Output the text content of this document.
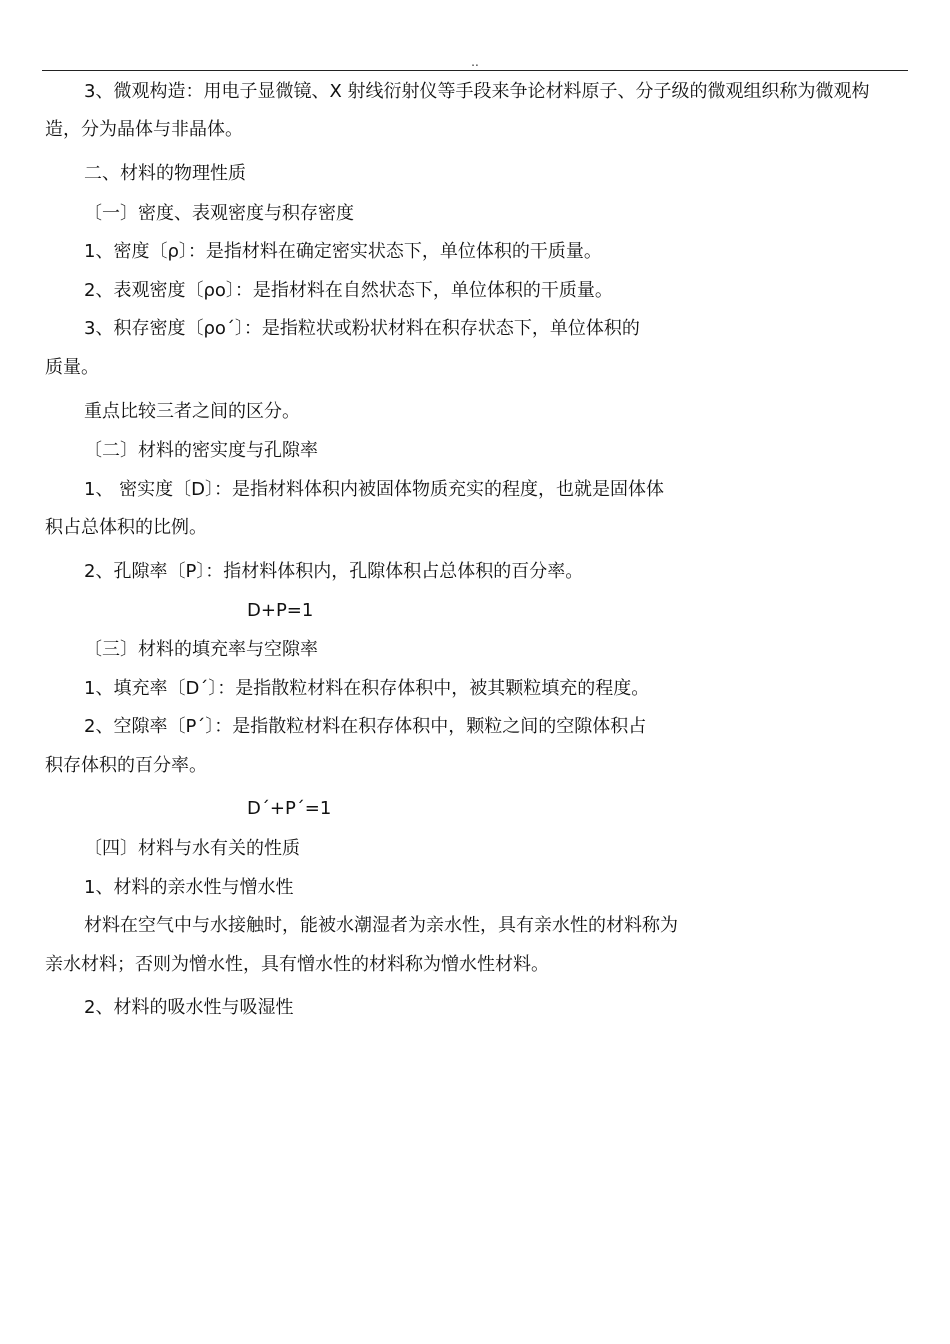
..
3、微观构造：用电子显微镜、X 射线衍射仪等手段来争论材料原子、分子级的微观组织称为微观构
造，分为晶体与非晶体。
二、材料的物理性质
〔一〕密度、表观密度与积存密度
1、密度〔ρ〕：是指材料在确定密实状态下，单位体积的干质量。
2、表观密度〔ρo〕：是指材料在自然状态下，单位体积的干质量。
3、积存密度〔ρo´〕：是指粒状或粉状材料在积存状态下，单位体积的
质量。
重点比较三者之间的区分。
〔二〕材料的密实度与孔隙率
1、 密实度〔D〕：是指材料体积内被固体物质充实的程度，也就是固体体
积占总体积的比例。
2、孔隙率〔P〕：指材料体积内，孔隙体积占总体积的百分率。
D+P=1
〔三〕材料的填充率与空隙率
1、填充率〔D´〕：是指散粒材料在积存体积中，被其颗粒填充的程度。
2、空隙率〔P´〕：是指散粒材料在积存体积中，颗粒之间的空隙体积占
积存体积的百分率。
D´+P´=1
〔四〕材料与水有关的性质
1、材料的亲水性与憎水性
材料在空气中与水接触时，能被水潮湿者为亲水性，具有亲水性的材料称为
亲水材料；否则为憎水性，具有憎水性的材料称为憎水性材料。
2、材料的吸水性与吸湿性
